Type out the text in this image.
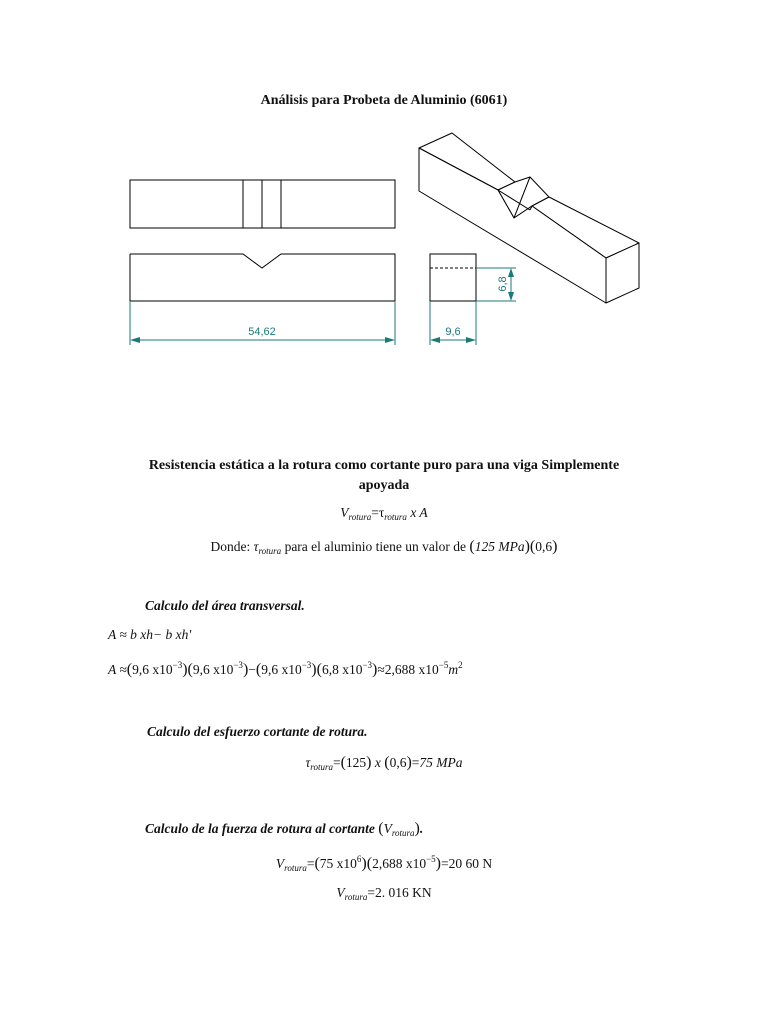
Análisis para Probeta de Aluminio (6061)
54,62	9,6
6,8
Resistencia estática a la rotura como cortante puro para una viga Simplemente
apoyada
$V_{rotura}=\tau_{rotura}$ x A
Donde: $\tau_{rotura}$ para el aluminio tiene un valor de (125 MPa)(0,6)
Calculo del área transversal.
A ≈ b xh− b xh'
A ≈(9,6 $x10^{-3})(9,6$ $x10^{-3})-(9,6$ $x10^{-3})(6,8$ $x10^{-3})\approx 2,688$ $x10^{-5}m^2$
Calculo del esfuerzo cortante de rotura.
$\tau_{rotura}=(125)$ x (0,6)=75 MPa
Calculo de la fuerza de rotura al cortante $(V_{rotura})$.
$V_{rotura}=(75$ $x10^6)(2,688$ $x10^{-5})=20$ 60 N
$V_{rotura}=2$. 016 KN
